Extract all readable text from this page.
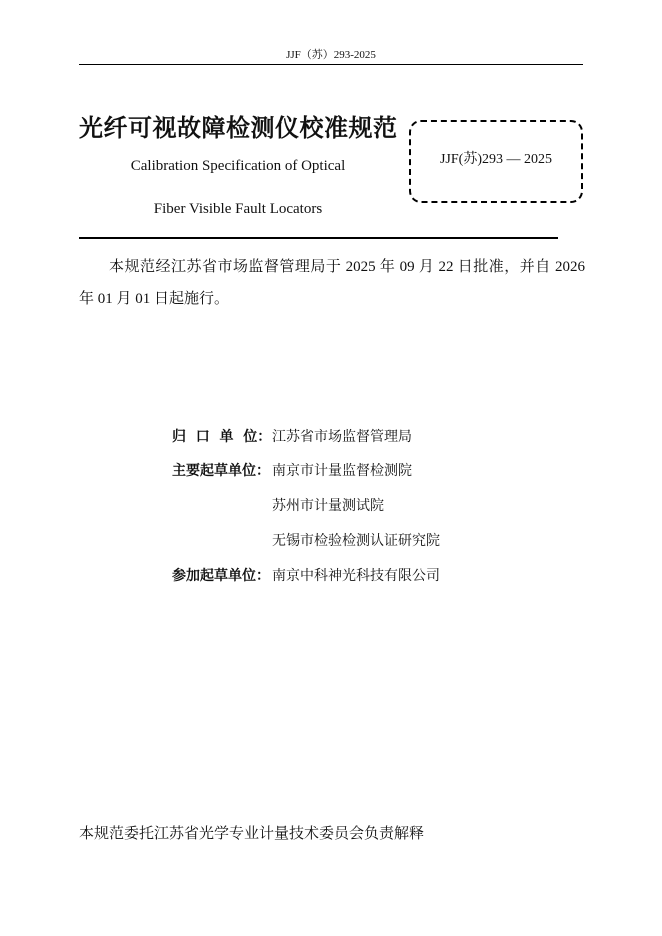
JJF（苏）293-2025
光纤可视故障检测仪校准规范
Calibration Specification of Optical
Fiber Visible Fault Locators
JJF(苏)293 — 2025
本规范经江苏省市场监督管理局于 2025 年 09 月 22 日批准，并自 2026 年 01 月 01 日起施行。
归  口  单  位：江苏省市场监督管理局
主要起草单位： 南京市计量监督检测院
苏州市计量测试院
无锡市检验检测认证研究院
参加起草单位： 南京中科神光科技有限公司
本规范委托江苏省光学专业计量技术委员会负责解释
